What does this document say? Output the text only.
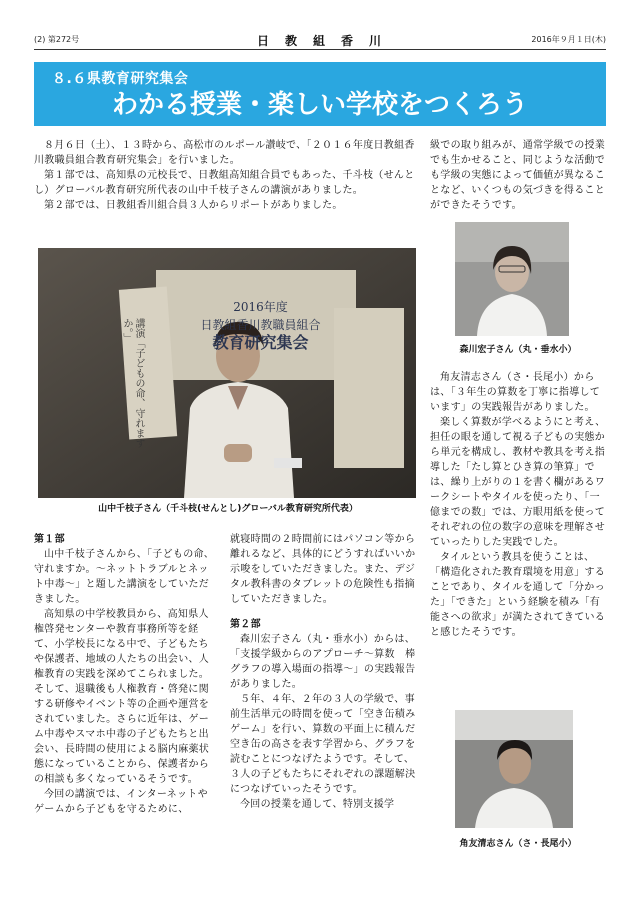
(2) 第272号	日　教　組　香　川	2016年９月１日(木)
８.６県教育研究集会
わかる授業・楽しい学校をつくろう

８月６日（土）、１３時から、高松市のルポール讃岐で、「２０１６年度日教組香川教職員組合教育研究集会」を行いました。

第１部では、高知県の元校長で、日教組高知組合員でもあった、千斗枝（せんとし）グローバル教育研究所代表の山中千枝子さんの講演がありました。

第２部では、日教組香川組合員３人からリポートがありました。

2016年度
日教組香川教職員組合
教育研究集会
講演「子どもの命、守れますか。」
山中千枝子さん（千斗枝(せんとし)グローバル教育研究所代表）

級での取り組みが、通常学級での授業でも生かせること、同じような活動でも学級の実態によって価値が異なることなど、いくつもの気づきを得ることができたそうです。

森川宏子さん（丸・垂水小）

角友清志さん（さ・長尾小）からは、「３年生の算数を丁寧に指導しています」の実践報告がありました。

楽しく算数が学べるようにと考え、担任の眼を通して視る子どもの実態から単元を構成し、教材や教具を考え指導した「たし算とひき算の筆算」では、繰り上がりの１を書く欄があるワークシートやタイルを使ったり、「一億までの数」では、方眼用紙を使ってそれぞれの位の数字の意味を理解させていったりした実践でした。

タイルという教具を使うことは、「構造化された教育環境を用意」することであり、タイルを通して「分かった」「できた」という経験を積み「有能さへの欲求」が満たされてきていると感じたそうです。

角友清志さん（さ・長尾小）
第１部

山中千枝子さんから、「子どもの命、守れますか。～ネットトラブルとネット中毒～」と題した講演をしていただきました。

高知県の中学校教員から、高知県人権啓発センターや教育事務所等を経て、小学校長になる中で、子どもたちや保護者、地域の人たちの出会い、人権教育の実践を深めてこられました。そして、退職後も人権教育・啓発に関する研修やイベント等の企画や運営をされていました。さらに近年は、ゲーム中毒やスマホ中毒の子どもたちと出会い、長時間の使用による脳内麻薬状態になっていることから、保護者からの相談も多くなっているそうです。

今回の講演では、インターネットやゲームから子どもを守るために、

就寝時間の２時間前にはパソコン等から離れるなど、具体的にどうすればいいか示唆をしていただきました。また、デジタル教科書のタブレットの危険性も指摘していただきました。

第２部

森川宏子さん（丸・垂水小）からは、「支援学級からのアプローチ～算数　棒グラフの導入場面の指導～」の実践報告がありました。

５年、４年、２年の３人の学級で、事前生活単元の時間を使って「空き缶積みゲーム」を行い、算数の平面上に積んだ空き缶の高さを表す学習から、グラフを読むことにつなげたようです。そして、３人の子どもたちにそれぞれの課題解決につなげていったそうです。

今回の授業を通して、特別支援学
